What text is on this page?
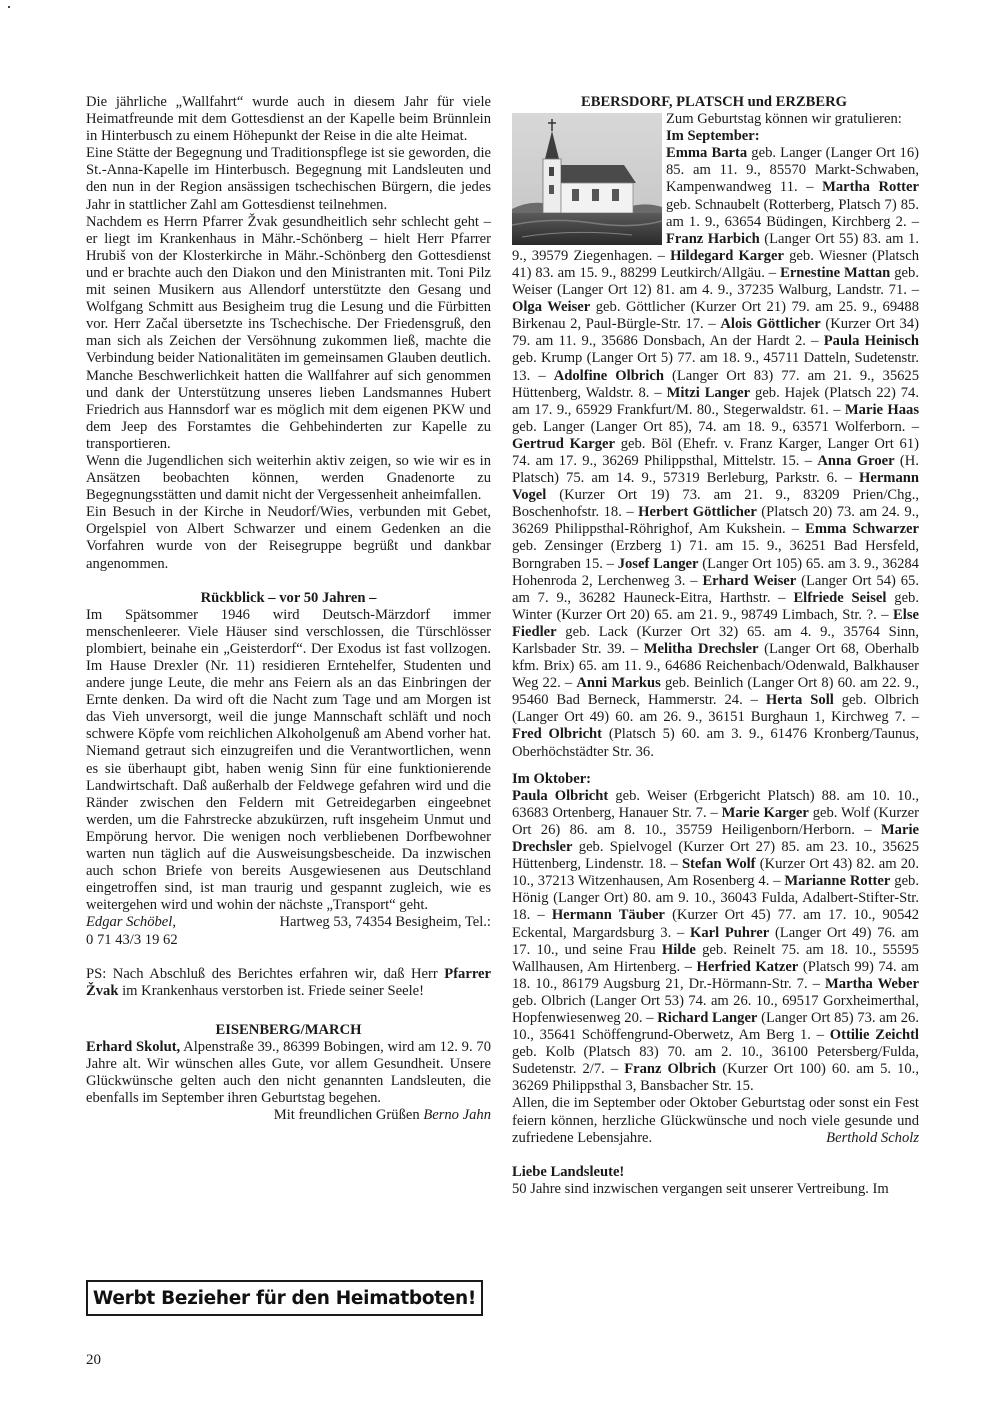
Die jährliche „Wallfahrt“ wurde auch in diesem Jahr für viele Heimatfreunde mit dem Gottesdienst an der Kapelle beim Brünnlein in Hinterbusch zu einem Höhepunkt der Reise in die alte Heimat.

Eine Stätte der Begegnung und Traditionspflege ist sie geworden, die St.-Anna-Kapelle im Hinterbusch. Begegnung mit Landsleuten und den nun in der Region ansässigen tschechischen Bürgern, die jedes Jahr in stattlicher Zahl am Gottesdienst teilnehmen.

Nachdem es Herrn Pfarrer Žvak gesundheitlich sehr schlecht geht – er liegt im Krankenhaus in Mähr.-Schönberg – hielt Herr Pfarrer Hrubiš von der Klosterkirche in Mähr.-Schönberg den Gottesdienst und er brachte auch den Diakon und den Ministranten mit. Toni Pilz mit seinen Musikern aus Allendorf unterstützte den Gesang und Wolfgang Schmitt aus Besigheim trug die Lesung und die Fürbitten vor. Herr Začal übersetzte ins Tschechische. Der Friedensgruß, den man sich als Zeichen der Versöhnung zukommen ließ, machte die Verbindung beider Nationalitäten im gemeinsamen Glauben deutlich.

Manche Beschwerlichkeit hatten die Wallfahrer auf sich genommen und dank der Unterstützung unseres lieben Landsmannes Hubert Friedrich aus Hannsdorf war es möglich mit dem eigenen PKW und dem Jeep des Forstamtes die Gehbehinderten zur Kapelle zu transportieren.

Wenn die Jugendlichen sich weiterhin aktiv zeigen, so wie wir es in Ansätzen beobachten können, werden Gnadenorte zu Begegnungsstätten und damit nicht der Vergessenheit anheimfallen.

Ein Besuch in der Kirche in Neudorf/Wies, verbunden mit Gebet, Orgelspiel von Albert Schwarzer und einem Gedenken an die Vorfahren wurde von der Reisegruppe begrüßt und dankbar angenommen.

Rückblick – vor 50 Jahren –

Im Spätsommer 1946 wird Deutsch-Märzdorf immer menschenleerer. Viele Häuser sind verschlossen, die Türschlösser plombiert, beinahe ein „Geisterdorf“. Der Exodus ist fast vollzogen. Im Hause Drexler (Nr. 11) residieren Erntehelfer, Studenten und andere junge Leute, die mehr ans Feiern als an das Einbringen der Ernte denken. Da wird oft die Nacht zum Tage und am Morgen ist das Vieh unversorgt, weil die junge Mannschaft schläft und noch schwere Köpfe vom reichlichen Alkoholgenuß am Abend vorher hat. Niemand getraut sich einzugreifen und die Verantwortlichen, wenn es sie überhaupt gibt, haben wenig Sinn für eine funktionierende Landwirtschaft. Daß außerhalb der Feldwege gefahren wird und die Ränder zwischen den Feldern mit Getreidegarben eingeebnet werden, um die Fahrstrecke abzukürzen, ruft insgeheim Unmut und Empörung hervor. Die wenigen noch verbliebenen Dorfbewohner warten nun täglich auf die Ausweisungsbescheide. Da inzwischen auch schon Briefe von bereits Ausgewiesenen aus Deutschland eingetroffen sind, ist man traurig und gespannt zugleich, wie es weitergehen wird und wohin der nächste „Transport“ geht.

Edgar Schöbel,	Hartweg 53, 74354 Besigheim, Tel.:

0 71 43/3 19 62

PS: Nach Abschluß des Berichtes erfahren wir, daß Herr Pfarrer Žvak im Krankenhaus verstorben ist. Friede seiner Seele!

EISENBERG/MARCH

Erhard Skolut, Alpenstraße 39., 86399 Bobingen, wird am 12. 9. 70 Jahre alt. Wir wünschen alles Gute, vor allem Gesundheit. Unsere Glückwünsche gelten auch den nicht genannten Landsleuten, die ebenfalls im September ihren Geburtstag begehen.

Mit freundlichen Grüßen Berno Jahn

Werbt Bezieher für den Heimatboten!
EBERSDORF, PLATSCH und ERZBERG

Zum Geburtstag können wir gratulieren:

Im September:

Emma Barta geb. Langer (Langer Ort 16) 85. am 11. 9., 85570 Markt-Schwaben, Kampenwandweg 11. – Martha Rotter geb. Schnaubelt (Rotterberg, Platsch 7) 85. am 1. 9., 63654 Büdingen, Kirchberg 2. – Franz Harbich (Langer Ort 55) 83. am 1. 9., 39579 Ziegenhagen. – Hildegard Karger geb. Wiesner (Platsch 41) 83. am 15. 9., 88299 Leutkirch/Allgäu. – Ernestine Mattan geb. Weiser (Langer Ort 12) 81. am 4. 9., 37235 Walburg, Landstr. 71. – Olga Weiser geb. Göttlicher (Kurzer Ort 21) 79. am 25. 9., 69488 Birkenau 2, Paul-Bürgle-Str. 17. – Alois Göttlicher (Kurzer Ort 34) 79. am 11. 9., 35686 Donsbach, An der Hardt 2. – Paula Heinisch geb. Krump (Langer Ort 5) 77. am 18. 9., 45711 Datteln, Sudetenstr. 13. – Adolfine Olbrich (Langer Ort 83) 77. am 21. 9., 35625 Hüttenberg, Waldstr. 8. – Mitzi Langer geb. Hajek (Platsch 22) 74. am 17. 9., 65929 Frankfurt/M. 80., Stegerwaldstr. 61. – Marie Haas geb. Langer (Langer Ort 85), 74. am 18. 9., 63571 Wolferborn. – Gertrud Karger geb. Böl (Ehefr. v. Franz Karger, Langer Ort 61) 74. am 17. 9., 36269 Philippsthal, Mittelstr. 15. – Anna Groer (H. Platsch) 75. am 14. 9., 57319 Berleburg, Parkstr. 6. – Hermann Vogel (Kurzer Ort 19) 73. am 21. 9., 83209 Prien/Chg., Boschenhofstr. 18. – Herbert Göttlicher (Platsch 20) 73. am 24. 9., 36269 Philippsthal-Röhrighof, Am Kukshein. – Emma Schwarzer geb. Zensinger (Erzberg 1) 71. am 15. 9., 36251 Bad Hersfeld, Borngraben 15. – Josef Langer (Langer Ort 105) 65. am 3. 9., 36284 Hohenroda 2, Lerchenweg 3. – Erhard Weiser (Langer Ort 54) 65. am 7. 9., 36282 Hauneck-Eitra, Harthstr. – Elfriede Seisel geb. Winter (Kurzer Ort 20) 65. am 21. 9., 98749 Limbach, Str. ?. – Else Fiedler geb. Lack (Kurzer Ort 32) 65. am 4. 9., 35764 Sinn, Karlsbader Str. 39. – Melitha Drechsler (Langer Ort 68, Oberhalb kfm. Brix) 65. am 11. 9., 64686 Reichenbach/Odenwald, Balkhauser Weg 22. – Anni Markus geb. Beinlich (Langer Ort 8) 60. am 22. 9., 95460 Bad Berneck, Hammerstr. 24. – Herta Soll geb. Olbrich (Langer Ort 49) 60. am 26. 9., 36151 Burghaun 1, Kirchweg 7. – Fred Olbricht (Platsch 5) 60. am 3. 9., 61476 Kronberg/Taunus, Oberhöchstädter Str. 36.

Im Oktober:

Paula Olbricht geb. Weiser (Erbgericht Platsch) 88. am 10. 10., 63683 Ortenberg, Hanauer Str. 7. – Marie Karger geb. Wolf (Kurzer Ort 26) 86. am 8. 10., 35759 Heiligenborn/Herborn. – Marie Drechsler geb. Spielvogel (Kurzer Ort 27) 85. am 23. 10., 35625 Hüttenberg, Lindenstr. 18. – Stefan Wolf (Kurzer Ort 43) 82. am 20. 10., 37213 Witzenhausen, Am Rosenberg 4. – Marianne Rotter geb. Hönig (Langer Ort) 80. am 9. 10., 36043 Fulda, Adalbert-Stifter-Str. 18. – Hermann Täuber (Kurzer Ort 45) 77. am 17. 10., 90542 Eckental, Margardsburg 3. – Karl Puhrer (Langer Ort 49) 76. am 17. 10., und seine Frau Hilde geb. Reinelt 75. am 18. 10., 55595 Wallhausen, Am Hirtenberg. – Herfried Katzer (Platsch 99) 74. am 18. 10., 86179 Augsburg 21, Dr.-Hörmann-Str. 7. – Martha Weber geb. Olbrich (Langer Ort 53) 74. am 26. 10., 69517 Gorxheimerthal, Hopfenwiesenweg 20. – Richard Langer (Langer Ort 85) 73. am 26. 10., 35641 Schöffengrund-Oberwetz, Am Berg 1. – Ottilie Zeichtl geb. Kolb (Platsch 83) 70. am 2. 10., 36100 Petersberg/Fulda, Sudetenstr. 2/7. – Franz Olbrich (Kurzer Ort 100) 60. am 5. 10., 36269 Philippsthal 3, Bansbacher Str. 15.

Allen, die im September oder Oktober Geburtstag oder sonst ein Fest feiern können, herzliche Glückwünsche und noch viele gesunde und zufriedene Lebensjahre.	Berthold Scholz

Liebe Landsleute!

50 Jahre sind inzwischen vergangen seit unserer Vertreibung. Im

20
